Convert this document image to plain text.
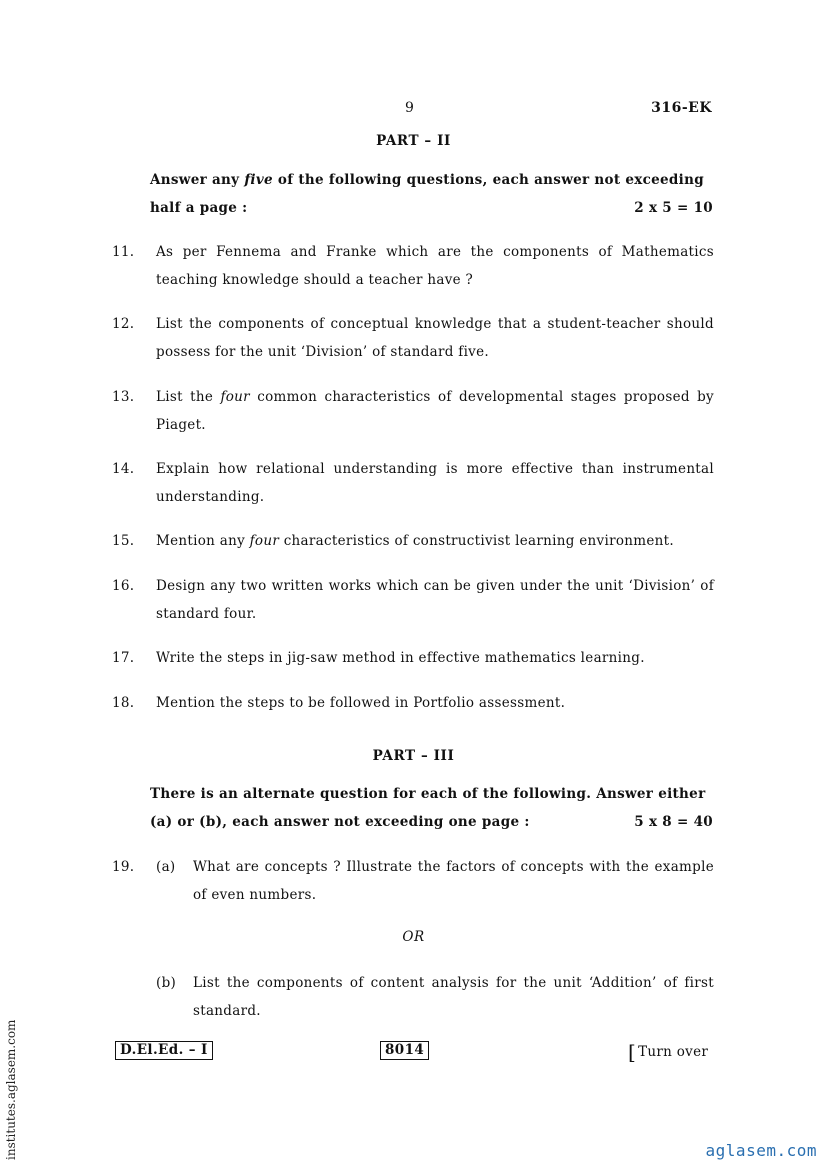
9	316-EK
PART – II
Answer any five of the following questions, each answer not exceeding
half a page :	2 x 5 = 10
11.	As per Fennema and Franke which are the components of Mathematics teaching knowledge should a teacher have ?
12.	List the components of conceptual knowledge that a student-teacher should possess for the unit ‘Division’ of standard five.
13.	List the four common characteristics of developmental stages proposed by Piaget.
14.	Explain how relational understanding is more effective than instrumental understanding.
15.	Mention any four characteristics of constructivist learning environment.
16.	Design any two written works which can be given under the unit ‘Division’ of standard four.
17.	Write the steps in jig-saw method in effective mathematics learning.
18.	Mention the steps to be followed in Portfolio assessment.
PART – III
There is an alternate question for each of the following. Answer either
(a) or (b), each answer not exceeding one page :	5 x 8 = 40
19.	(a) What are concepts ? Illustrate the factors of concepts with the example of even numbers.
OR
(b) List the components of content analysis for the unit ‘Addition’ of first standard.
D.El.Ed. – I	8014	[ Turn over
institutes.aglasem.com	aglasem.com
